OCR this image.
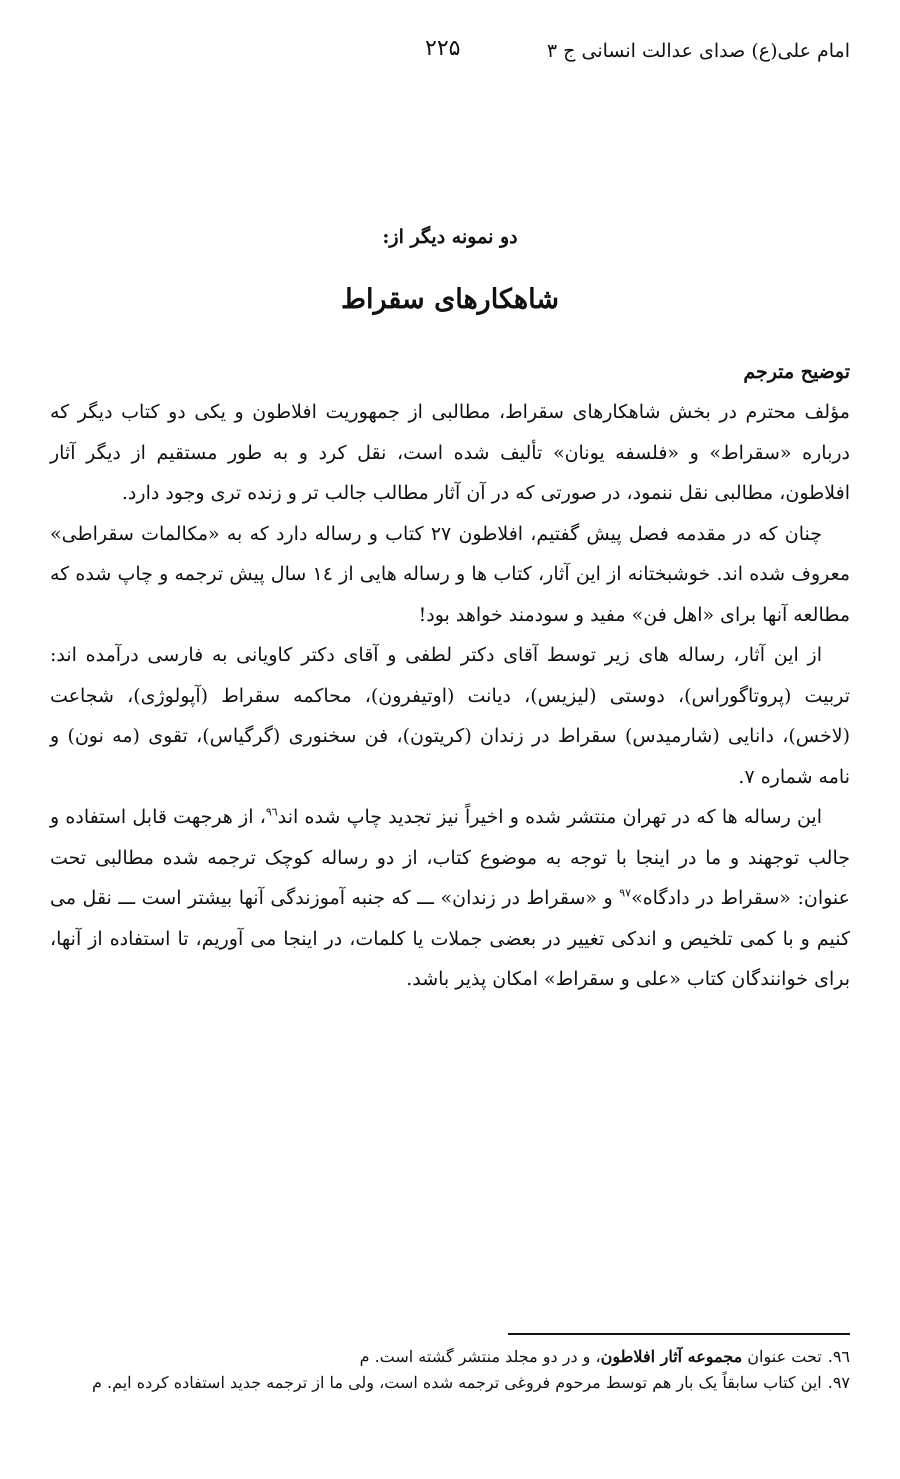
امام علی(ع) صدای عدالت انسانی ج ۳
۲۲۵
دو نمونه دیگر از:
شاهکارهای سقراط
توضیح مترجم

مؤلف محترم در بخش شاهکارهای سقراط، مطالبی از جمهوریت افلاطون و یکی دو کتاب دیگر که درباره «سقراط» و «فلسفه یونان» تألیف شده است، نقل کرد و به طور مستقیم از دیگر آثار افلاطون، مطالبی نقل ننمود، در صورتی که در آن آثار مطالب جالب تر و زنده تری وجود دارد.

چنان که در مقدمه فصل پیش گفتیم، افلاطون ۲۷ کتاب و رساله دارد که به «مکالمات سقراطی» معروف شده اند. خوشبختانه از این آثار، کتاب ها و رساله هایی از ۱٤ سال پیش ترجمه و چاپ شده که مطالعه آنها برای «اهل فن» مفید و سودمند خواهد بود!

از این آثار، رساله های زیر توسط آقای دکتر لطفی و آقای دکتر کاویانی به فارسی درآمده اند: تربیت (پروتاگوراس)، دوستی (لیزیس)، دیانت (اوتیفرون)، محاکمه سقراط (آپولوژی)، شجاعت (لاخس)، دانایی (شارمیدس) سقراط در زندان (کریتون)، فن سخنوری (گرگیاس)، تقوی (مه نون) و نامه شماره ۷.

این رساله ها که در تهران منتشر شده و اخیراً نیز تجدید چاپ شده اند$^{۹٦}$، از هرجهت قابل استفاده و جالب توجهند و ما در اینجا با توجه به موضوع کتاب، از دو رساله کوچک ترجمه شده مطالبی تحت عنوان: «سقراط در دادگاه»$^{۹۷}$ و «سقراط در زندان» ـــ که جنبه آموزندگی آنها بیشتر است ـــ نقل می کنیم و با کمی تلخیص و اندکی تغییر در بعضی جملات یا کلمات، در اینجا می آوریم، تا استفاده از آنها، برای خوانندگان کتاب «علی و سقراط» امکان پذیر باشد.

۹٦.تحت عنوان مجموعه آثار افلاطون، و در دو مجلد منتشر گشته است. م

۹۷.این کتاب سابقاً یک بار هم توسط مرحوم فروغی ترجمه شده است، ولی ما از ترجمه جدید استفاده کرده ایم. م
